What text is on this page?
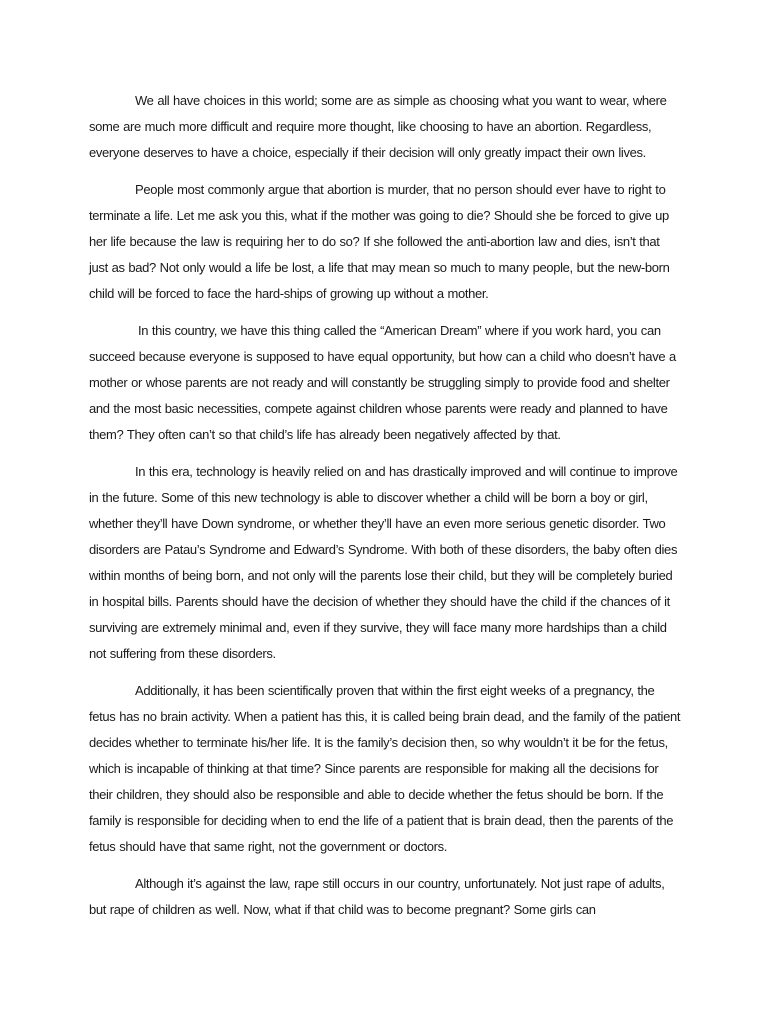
We all have choices in this world; some are as simple as choosing what you want to wear, where some are much more difficult and require more thought, like choosing to have an abortion. Regardless, everyone deserves to have a choice, especially if their decision will only greatly impact their own lives.

People most commonly argue that abortion is murder, that no person should ever have to right to terminate a life. Let me ask you this, what if the mother was going to die? Should she be forced to give up her life because the law is requiring her to do so? If she followed the anti-abortion law and dies, isn’t that just as bad? Not only would a life be lost, a life that may mean so much to many people, but the new-born child will be forced to face the hard-ships of growing up without a mother.

In this country, we have this thing called the “American Dream” where if you work hard, you can succeed because everyone is supposed to have equal opportunity, but how can a child who doesn’t have a mother or whose parents are not ready and will constantly be struggling simply to provide food and shelter and the most basic necessities, compete against children whose parents were ready and planned to have them? They often can’t so that child’s life has already been negatively affected by that.

In this era, technology is heavily relied on and has drastically improved and will continue to improve in the future. Some of this new technology is able to discover whether a child will be born a boy or girl, whether they’ll have Down syndrome, or whether they’ll have an even more serious genetic disorder. Two disorders are Patau’s Syndrome and Edward’s Syndrome. With both of these disorders, the baby often dies within months of being born, and not only will the parents lose their child, but they will be completely buried in hospital bills. Parents should have the decision of whether they should have the child if the chances of it surviving are extremely minimal and, even if they survive, they will face many more hardships than a child not suffering from these disorders.

Additionally, it has been scientifically proven that within the first eight weeks of a pregnancy, the fetus has no brain activity. When a patient has this, it is called being brain dead, and the family of the patient decides whether to terminate his/her life. It is the family’s decision then, so why wouldn’t it be for the fetus, which is incapable of thinking at that time? Since parents are responsible for making all the decisions for their children, they should also be responsible and able to decide whether the fetus should be born. If the family is responsible for deciding when to end the life of a patient that is brain dead, then the parents of the fetus should have that same right, not the government or doctors.

Although it’s against the law, rape still occurs in our country, unfortunately. Not just rape of adults, but rape of children as well. Now, what if that child was to become pregnant? Some girls can
